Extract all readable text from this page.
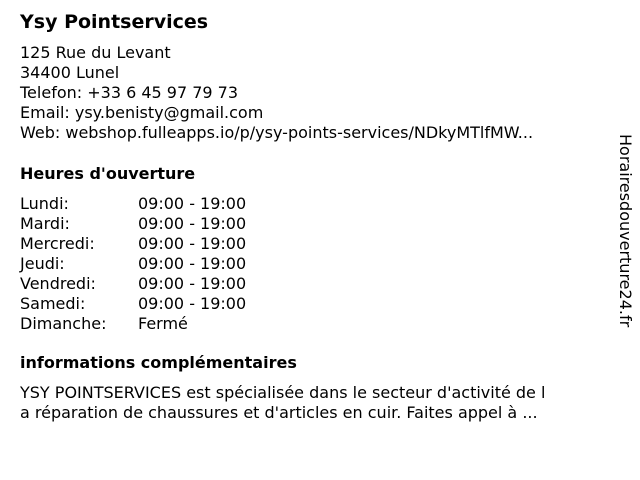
Ysy Pointservices
125 Rue du Levant
34400 Lunel
Telefon: +33 6 45 97 79 73
Email: ysy.benisty@gmail.com
Web: webshop.fulleapps.io/p/ysy-points-services/NDkyMTlfMW...
Heures d'ouverture
Lundi:	09:00 - 19:00
Mardi:	09:00 - 19:00
Mercredi:	09:00 - 19:00
Jeudi:	09:00 - 19:00
Vendredi:	09:00 - 19:00
Samedi:	09:00 - 19:00
Dimanche: Fermé
informations complémentaires
YSY POINTSERVICES est spécialisée dans le secteur d'activité de l
a réparation de chaussures et d'articles en cuir. Faites appel à ...
Horairesdouverture24.fr
